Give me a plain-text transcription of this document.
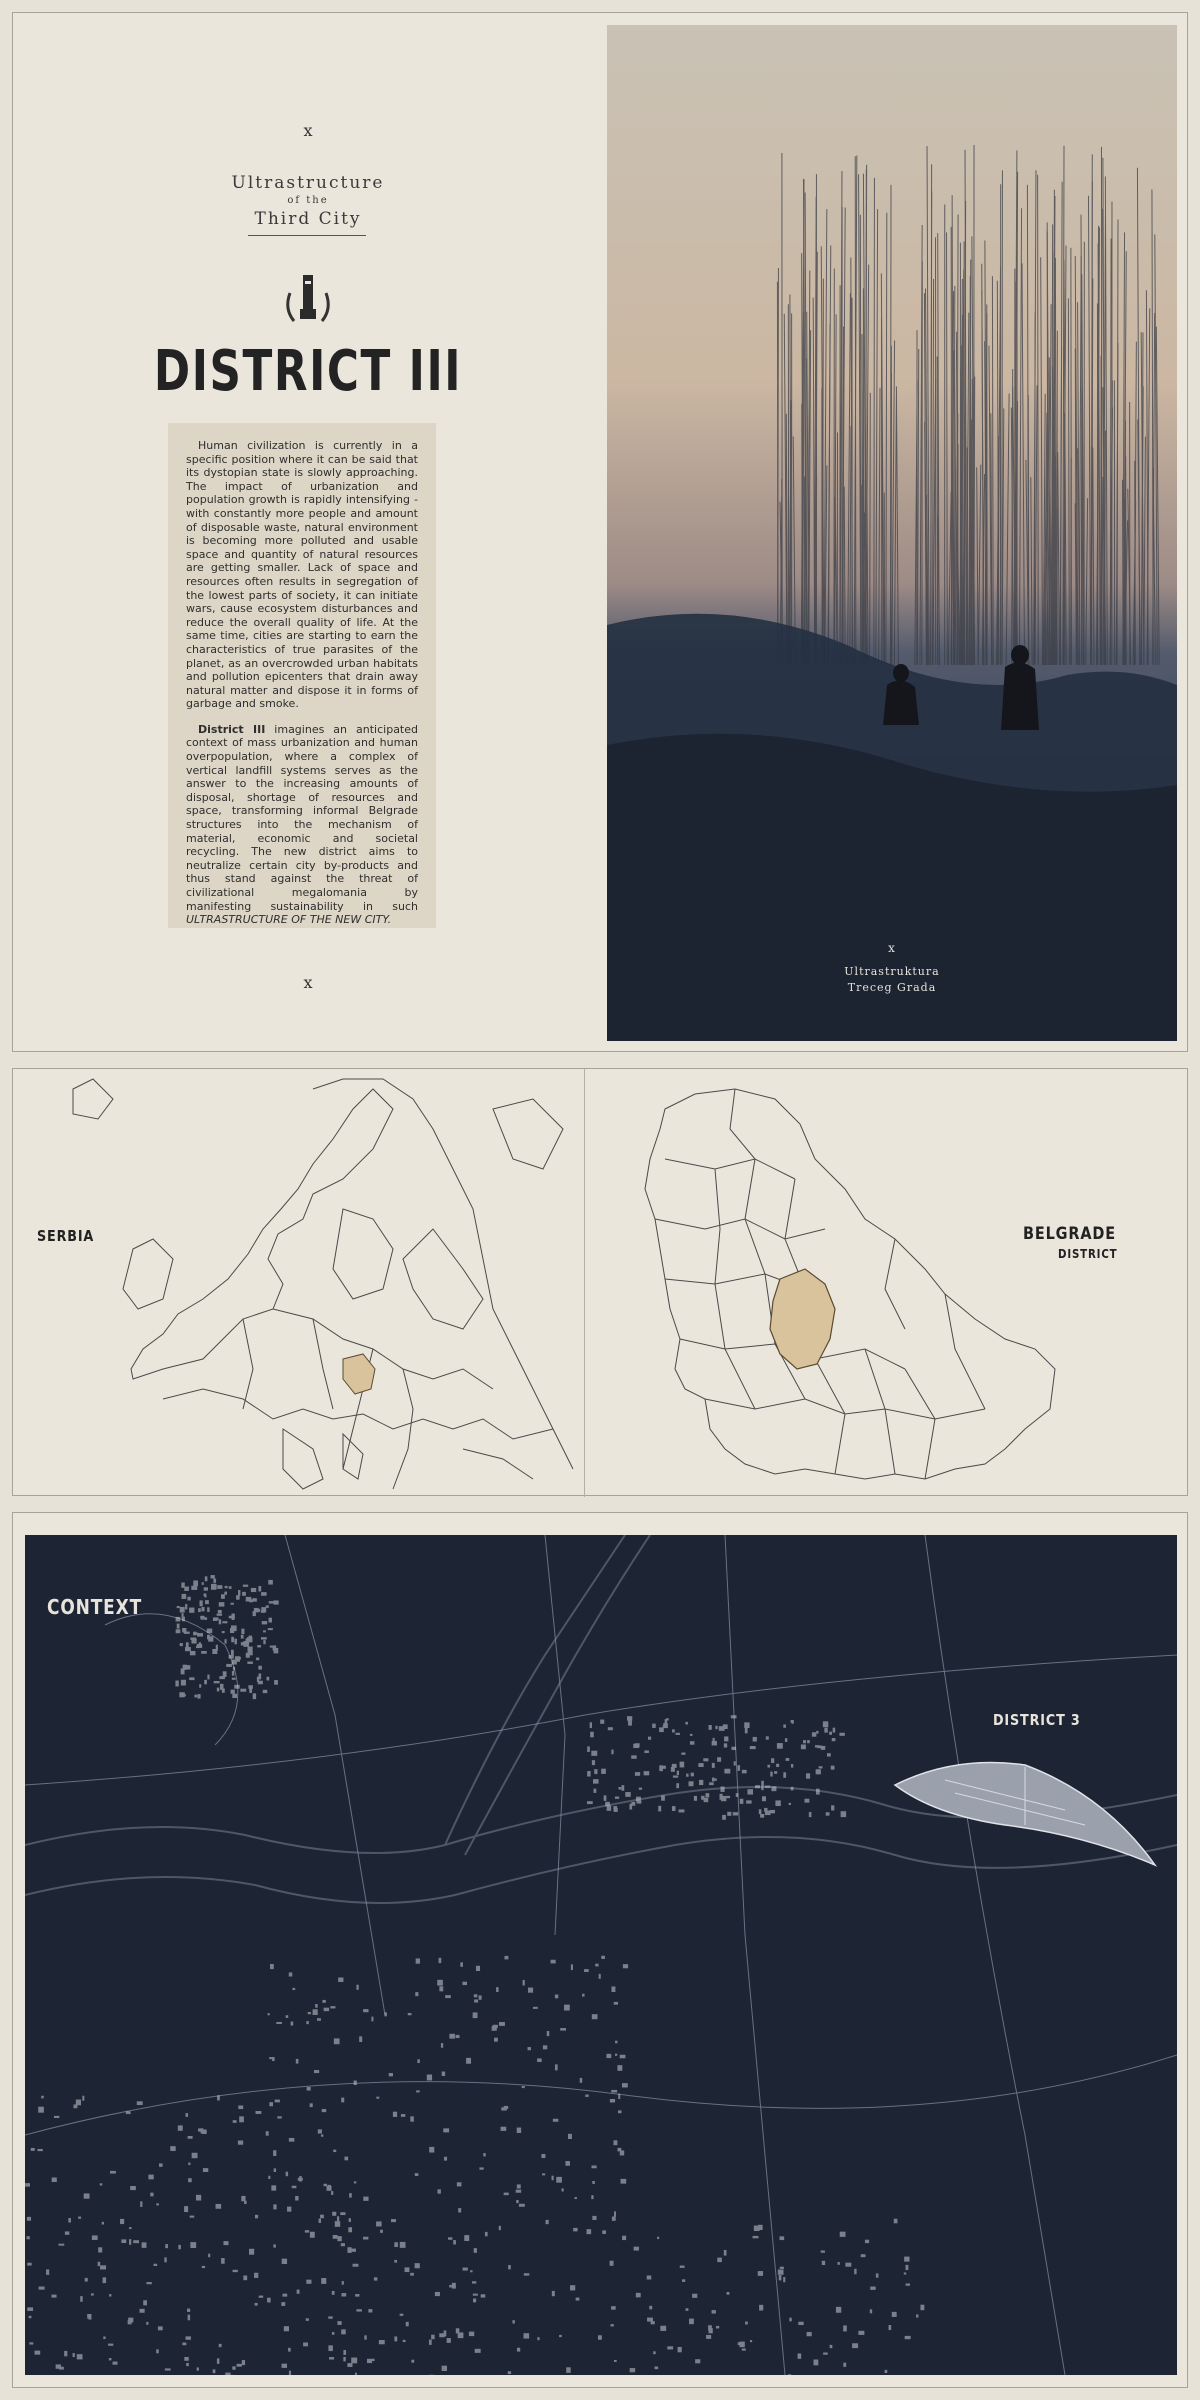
x
Ultrastructure
of the
Third City
DISTRICT III

Human civilization is currently in a specific position where it can be said that its dystopian state is slowly approaching. The impact of urbanization and population growth is rapidly intensifying - with constantly more people and amount of disposable waste, natural environment is becoming more polluted and usable space and quantity of natural resources are getting smaller. Lack of space and resources often results in segregation of the lowest parts of society, it can initiate wars, cause ecosystem disturbances and reduce the overall quality of life. At the same time, cities are starting to earn the characteristics of true parasites of the planet, as an overcrowded urban habitats and pollution epicenters that drain away natural matter and dispose it in forms of garbage and smoke.

District III imagines an anticipated context of mass urbanization and human overpopulation, where a complex of vertical landfill systems serves as the answer to the increasing amounts of disposal, shortage of resources and space, transforming informal Belgrade structures into the mechanism of material, economic and societal recycling. The new district aims to neutralize certain city by-products and thus stand against the threat of civilizational megalomania by manifesting sustainability in such ULTRASTRUCTURE OF THE NEW CITY.

x
x
Ultrastruktura
Treceg Grada
SERBIA	BELGRADE
DISTRICT
CONTEXT
DISTRICT 3
